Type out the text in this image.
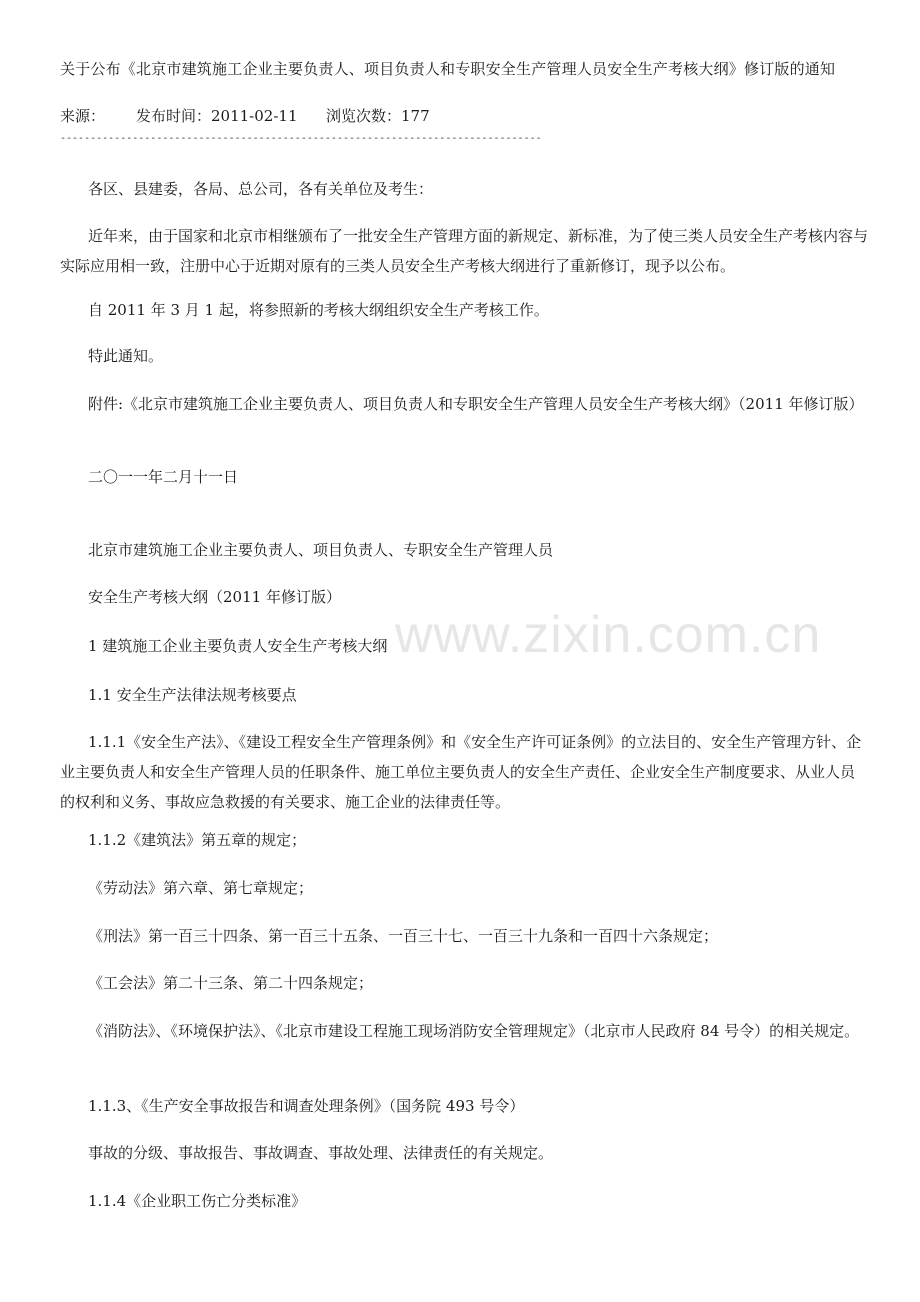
关于公布《北京市建筑施工企业主要负责人、项目负责人和专职安全生产管理人员安全生产考核大纲》修订版的通知
来源： 发布时间：2011-02-11 浏览次数：177
--------------------------------------------------------------------------------
各区、县建委，各局、总公司，各有关单位及考生：
近年来，由于国家和北京市相继颁布了一批安全生产管理方面的新规定、新标准，为了使三类人员安全生产考核内容与实际应用相一致，注册中心于近期对原有的三类人员安全生产考核大纲进行了重新修订，现予以公布。
自 2011 年 3 月 1 起，将参照新的考核大纲组织安全生产考核工作。
特此通知。
附件:《北京市建筑施工企业主要负责人、项目负责人和专职安全生产管理人员安全生产考核大纲》（2011 年修订版）
二〇一一年二月十一日
北京市建筑施工企业主要负责人、项目负责人、专职安全生产管理人员
安全生产考核大纲（2011 年修订版）
1 建筑施工企业主要负责人安全生产考核大纲
1.1 安全生产法律法规考核要点
1.1.1《安全生产法》、《建设工程安全生产管理条例》和《安全生产许可证条例》的立法目的、安全生产管理方针、企业主要负责人和安全生产管理人员的任职条件、施工单位主要负责人的安全生产责任、企业安全生产制度要求、从业人员的权利和义务、事故应急救援的有关要求、施工企业的法律责任等。
1.1.2《建筑法》第五章的规定；
《劳动法》第六章、第七章规定；
《刑法》第一百三十四条、第一百三十五条、一百三十七、一百三十九条和一百四十六条规定；
《工会法》第二十三条、第二十四条规定；
《消防法》、《环境保护法》、《北京市建设工程施工现场消防安全管理规定》（北京市人民政府 84 号令）的相关规定。
1.1.3、《生产安全事故报告和调查处理条例》（国务院 493 号令）
事故的分级、事故报告、事故调查、事故处理、法律责任的有关规定。
1.1.4《企业职工伤亡分类标准》
www.zixin.com.cn
